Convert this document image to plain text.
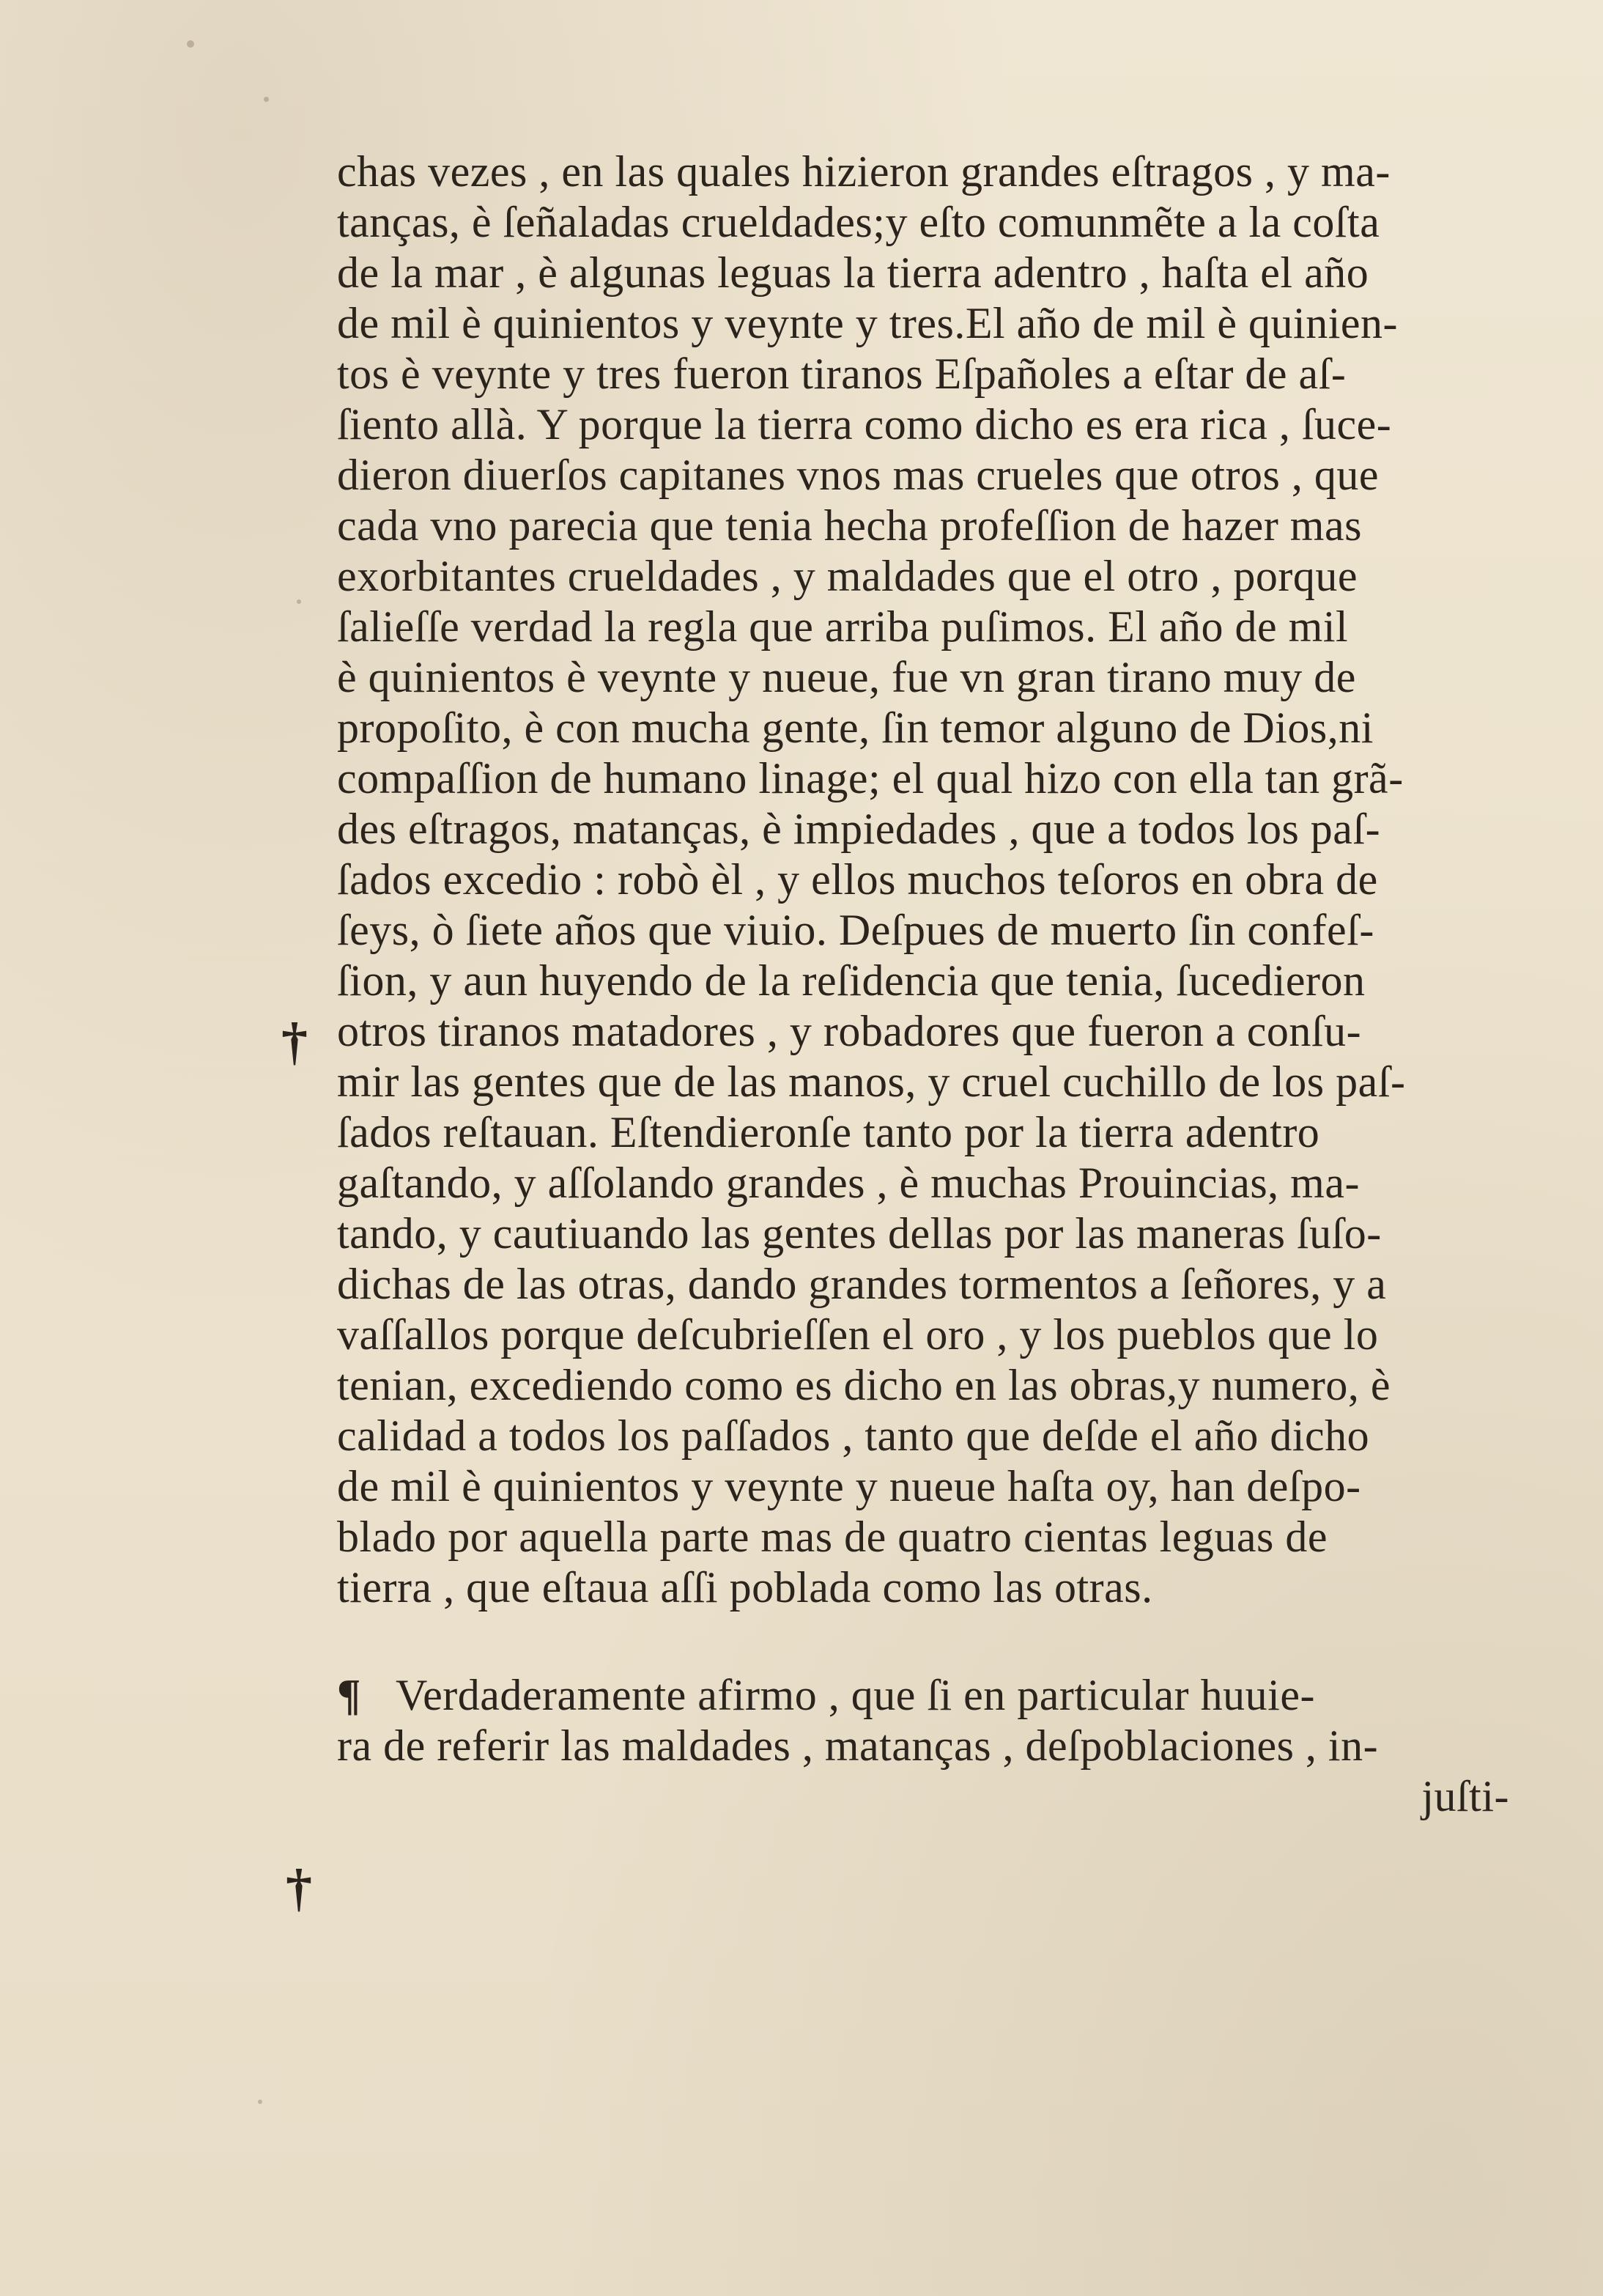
†
†
chas vezes , en las quales hizieron grandes eſtragos , y ma-
tanças, è ſeñaladas crueldades;y eſto comunmẽte a la coſta
de la mar , è algunas leguas la tierra adentro , haſta el año
de mil è quinientos y veynte y tres.El año de mil è quinien-
tos è veynte y tres fueron tiranos Eſpañoles a eſtar de aſ-
ſiento allà. Y porque la tierra como dicho es era rica , ſuce-
dieron diuerſos capitanes vnos mas crueles que otros , que
cada vno parecia que tenia hecha profeſſion de hazer mas
exorbitantes crueldades , y maldades que el otro , porque
ſalieſſe verdad la regla que arriba puſimos. El año de mil
è quinientos è veynte y nueue, fue vn gran tirano muy de
propoſito, è con mucha gente, ſin temor alguno de Dios,ni
compaſſion de humano linage; el qual hizo con ella tan grã-
des eſtragos, matanças, è impiedades , que a todos los paſ-
ſados excedio : robò èl , y ellos muchos teſoros en obra de
ſeys, ò ſiete años que viuio. Deſpues de muerto ſin confeſ-
ſion, y aun huyendo de la reſidencia que tenia, ſucedieron
otros tiranos matadores , y robadores que fueron a conſu-
mir las gentes que de las manos, y cruel cuchillo de los paſ-
ſados reſtauan. Eſtendieronſe tanto por la tierra adentro
gaſtando, y aſſolando grandes , è muchas Prouincias, ma-
tando, y cautiuando las gentes dellas por las maneras ſuſo-
dichas de las otras, dando grandes tormentos a ſeñores, y a
vaſſallos porque deſcubrieſſen el oro , y los pueblos que lo
tenian, excediendo como es dicho en las obras,y numero, è
calidad a todos los paſſados , tanto que deſde el año dicho
de mil è quinientos y veynte y nueue haſta oy, han deſpo-
blado por aquella parte mas de quatro cientas leguas de
tierra , que eſtaua aſſi poblada como las otras.
¶ Verdaderamente afirmo , que ſi en particular huuie-
ra de referir las maldades , matanças , deſpoblaciones , in-
juſti-
